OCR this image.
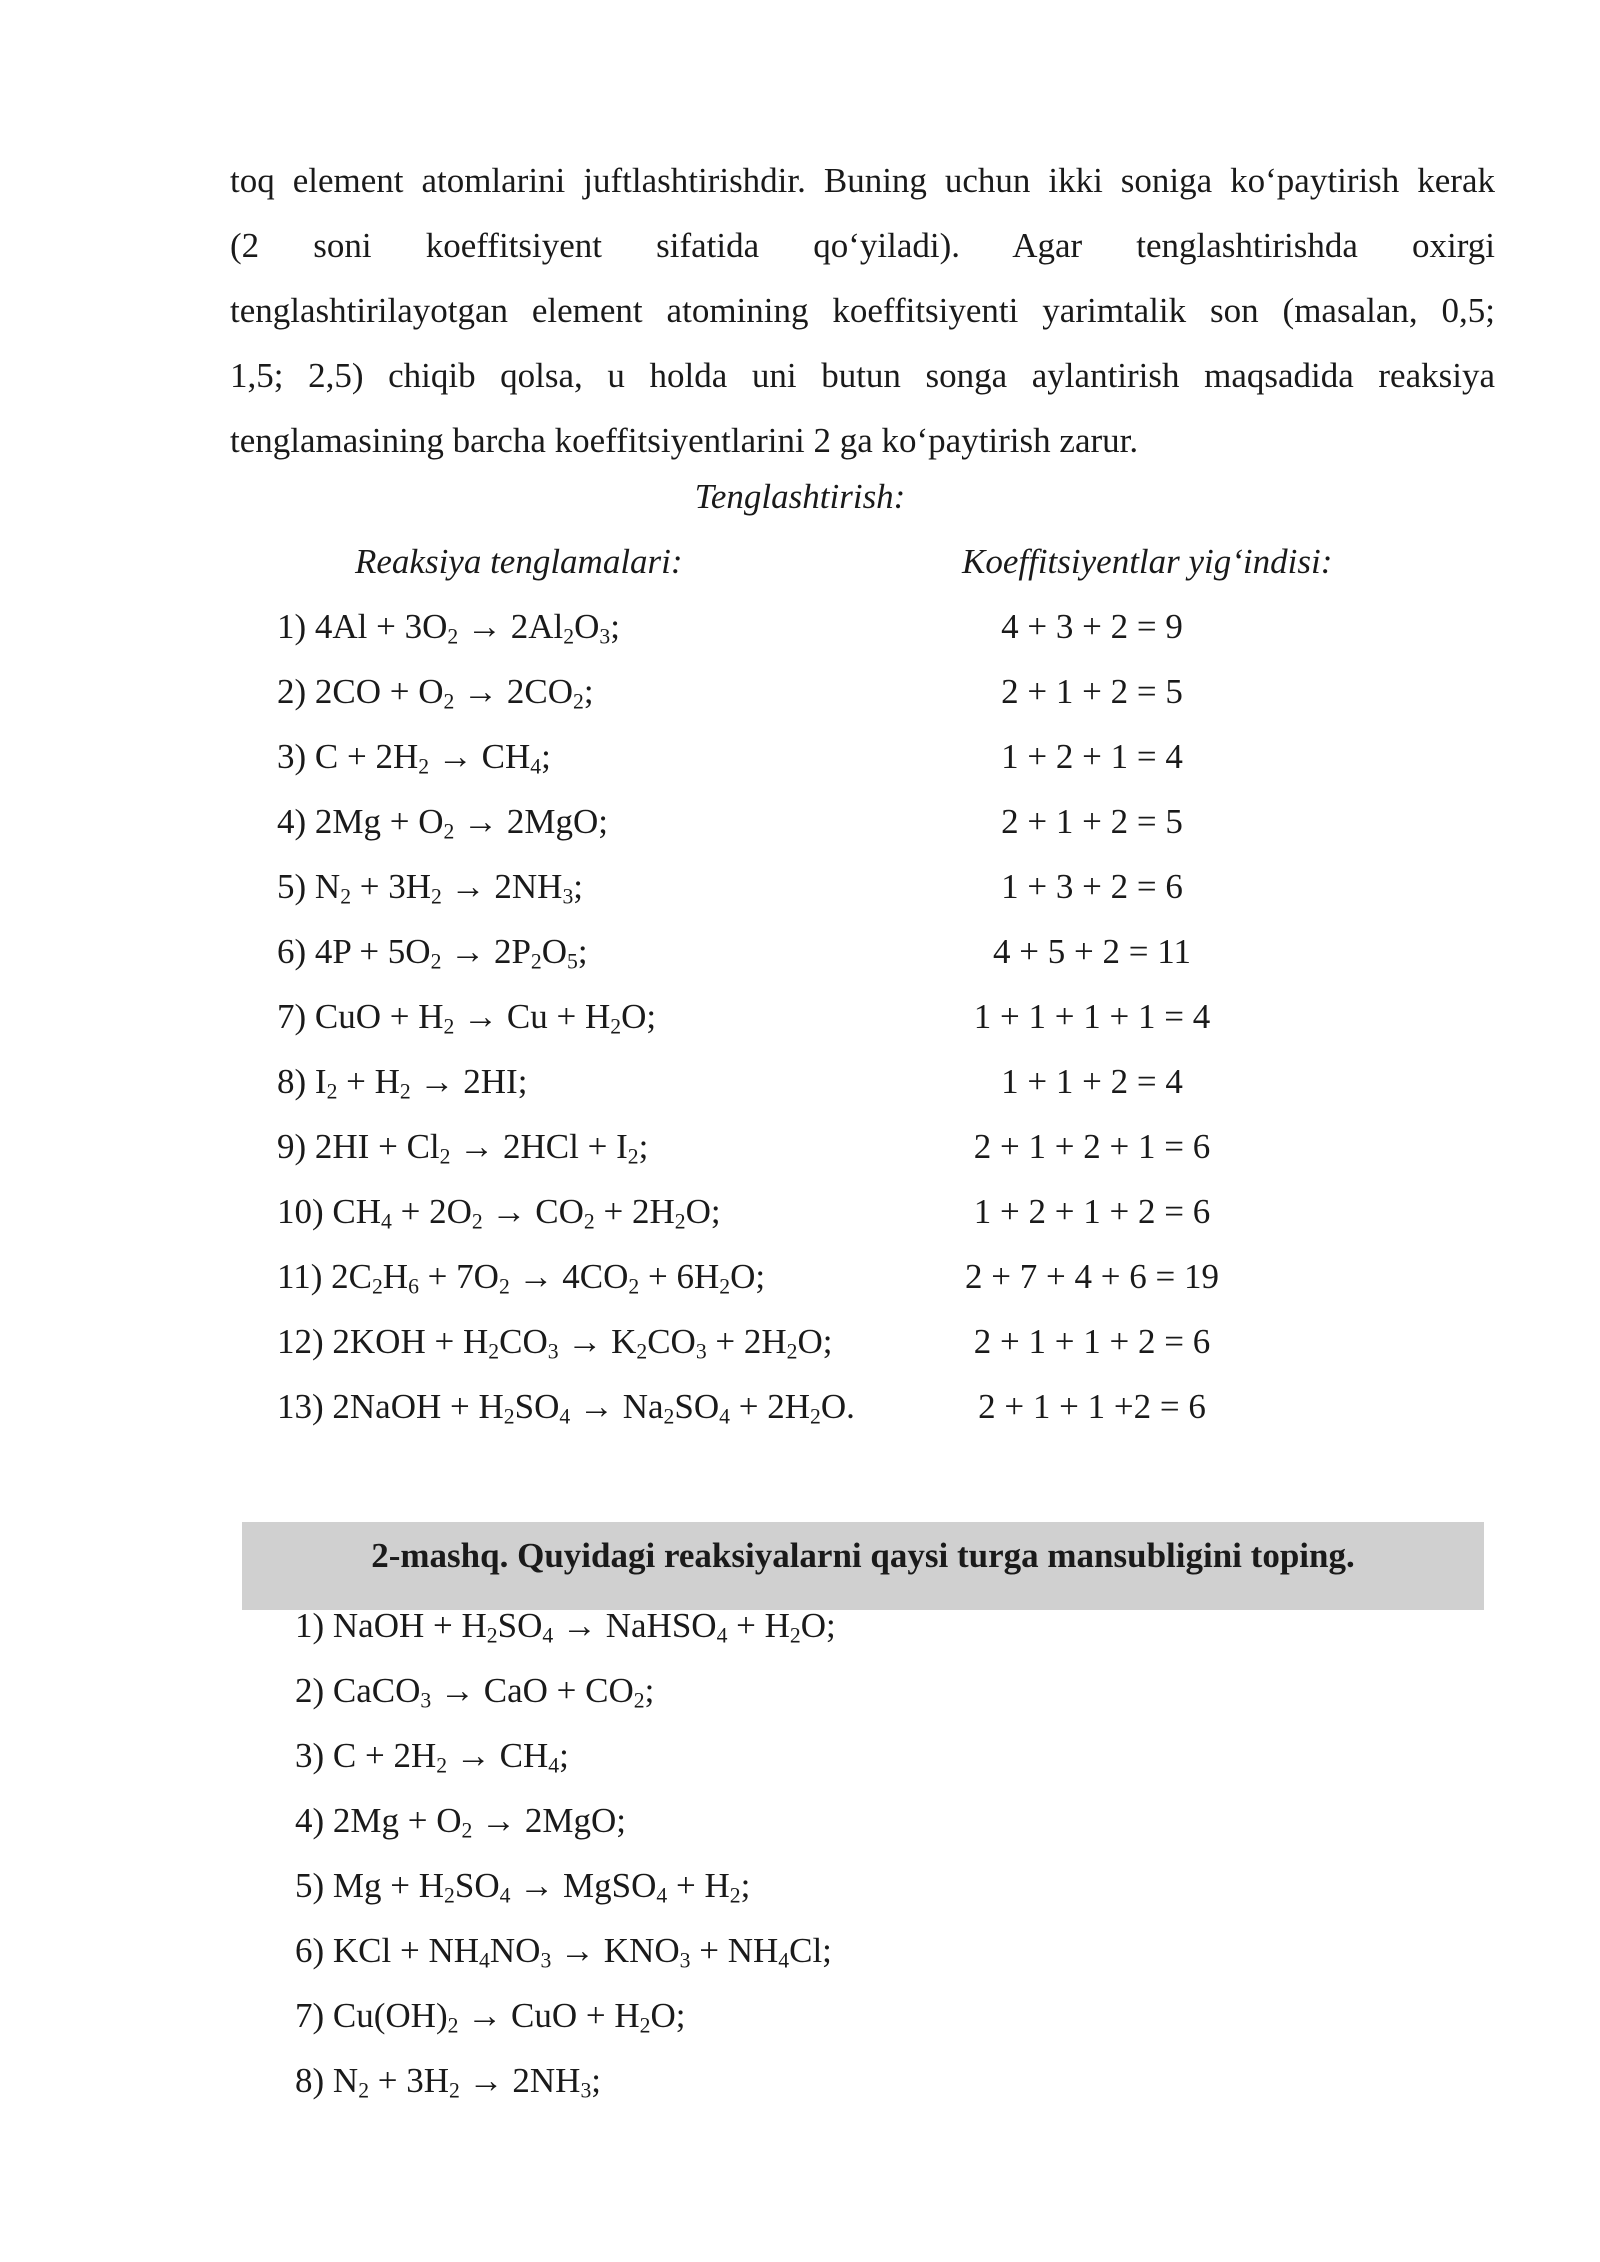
toq element atomlarini juftlashtirishdir. Buning uchun ikki soniga koʻpaytirish kerak
(2 soni koeffitsiyent sifatida qoʻyiladi). Agar tenglashtirishda oxirgi
tenglashtirilayotgan element atomining koeffitsiyenti yarimtalik son (masalan, 0,5;
1,5; 2,5) chiqib qolsa, u holda uni butun songa aylantirish maqsadida reaksiya
tenglamasining barcha koeffitsiyentlarini 2 ga koʻpaytirish zarur.
Tenglashtirish:
Reaksiya tenglamalari:	Koeffitsiyentlar yigʻindisi:
1) $4Al + 3O_2 \to 2Al_2O_3$;	4 + 3 + 2 = 9
2) $2CO + O_2 \to 2CO_2$;	2 + 1 + 2 = 5
3) $C + 2H_2 \to CH_4$;	1 + 2 + 1 = 4
4) $2Mg + O_2 \to 2MgO$;	2 + 1 + 2 = 5
5) $N_2 + 3H_2 \to 2NH_3$;	1 + 3 + 2 = 6
6) $4P + 5O_2 \to 2P_2O_5$;	4 + 5 + 2 = 11
7) CuO + $H_2 \to Cu + H_2O$;	1 + 1 + 1 + 1 = 4
8) $I_2 + H_2 \to 2HI$;	1 + 1 + 2 = 4
9) $2HI + Cl_2 \to 2HCl + I_2$;	2 + 1 + 2 + 1 = 6
10) $CH_4 + 2O_2 \to CO_2 + 2H_2O$;	1 + 2 + 1 + 2 = 6
11) $2C_2H_6 + 7O_2 \to 4CO_2 + 6H_2O$;	2 + 7 + 4 + 6 = 19
12) $2KOH + H_2CO_3 \to K_2CO_3 + 2H_2O$;	2 + 1 + 1 + 2 = 6
13) 2NaOH + $H_2SO_4 \to Na_2SO_4 + 2H_2O$.	2 + 1 + 1 +2 = 6
2-mashq. Quyidagi reaksiyalarni qaysi turga mansubligini toping.
1) NaOH + $H_2SO_4$ → NaHSO$_4$ + $H_2O$;
2) CaCO$_3$ → CaO + $CO_2$;
3) $C + 2H_2 \to CH_4$;
4) $2Mg + O_2 \to 2MgO$;
5) $Mg + H_2SO_4$ → MgSO$_4$ + $H_2$;
6) KCl + $NH_4NO_3 \to KNO_3 + NH_4Cl$;
7) $Cu(OH)_2$ → CuO + $H_2O$;
8) $N_2 + 3H_2 \to 2NH_3$;
